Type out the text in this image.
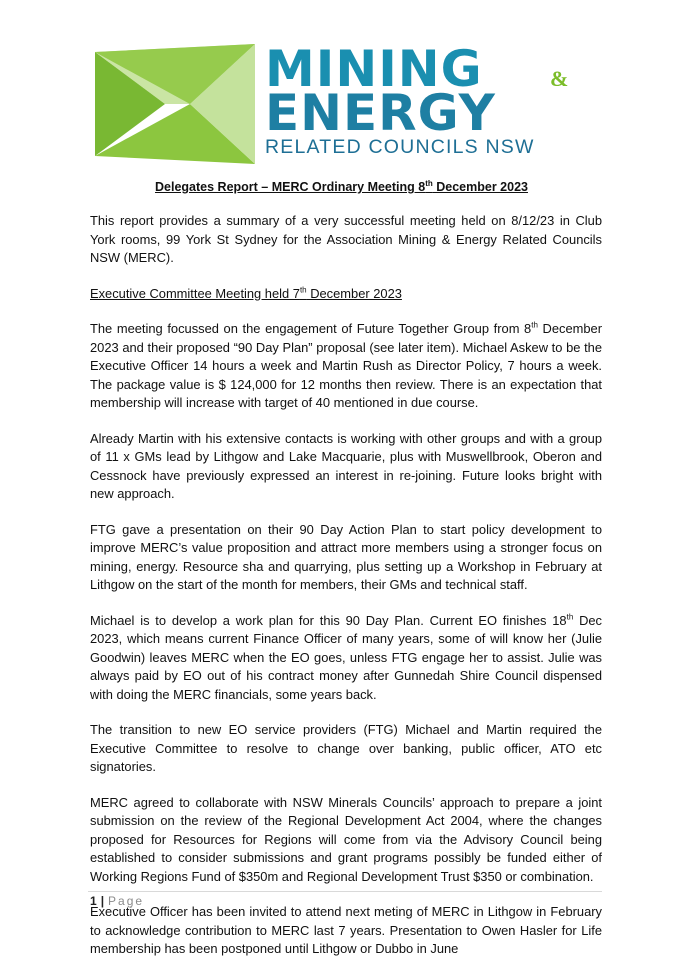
MINING	&
ENERGY
RELATED COUNCILS NSW
Delegates Report – MERC Ordinary Meeting 8th December 2023

This report provides a summary of a very successful meeting held on 8/12/23 in Club York rooms, 99 York St Sydney for the Association Mining & Energy Related Councils NSW (MERC).

Executive Committee Meeting held 7th December 2023

The meeting focussed on the engagement of Future Together Group from 8th December 2023 and their proposed “90 Day Plan” proposal (see later item). Michael Askew to be the Executive Officer 14 hours a week and Martin Rush as Director Policy, 7 hours a week. The package value is $ 124,000 for 12 months then review. There is an expectation that membership will increase with target of 40 mentioned in due course.

Already Martin with his extensive contacts is working with other groups and with a group of 11 x GMs lead by Lithgow and Lake Macquarie, plus with Muswellbrook, Oberon and Cessnock have previously expressed an interest in re-joining. Future looks bright with new approach.

FTG gave a presentation on their 90 Day Action Plan to start policy development to improve MERC’s value proposition and attract more members using a stronger focus on mining, energy. Resource sha and quarrying, plus setting up a Workshop in February at Lithgow on the start of the month for members, their GMs and technical staff.

Michael is to develop a work plan for this 90 Day Plan. Current EO finishes 18th Dec 2023, which means current Finance Officer of many years, some of will know her (Julie Goodwin) leaves MERC when the EO goes, unless FTG engage her to assist. Julie was always paid by EO out of his contract money after Gunnedah Shire Council dispensed with doing the MERC financials, some years back.

The transition to new EO service providers (FTG) Michael and Martin required the Executive Committee to resolve to change over banking, public officer, ATO etc signatories.

MERC agreed to collaborate with NSW Minerals Councils’ approach to prepare a joint submission on the review of the Regional Development Act 2004, where the changes proposed for Resources for Regions will come from via the Advisory Council being established to consider submissions and grant programs possibly be funded either of Working Regions Fund of $350m and Regional Development Trust $350 or combination.

Executive Officer has been invited to attend next meting of MERC in Lithgow in February to acknowledge contribution to MERC last 7 years. Presentation to Owen Hasler for Life membership has been postponed until Lithgow or Dubbo in June

1 | Page
